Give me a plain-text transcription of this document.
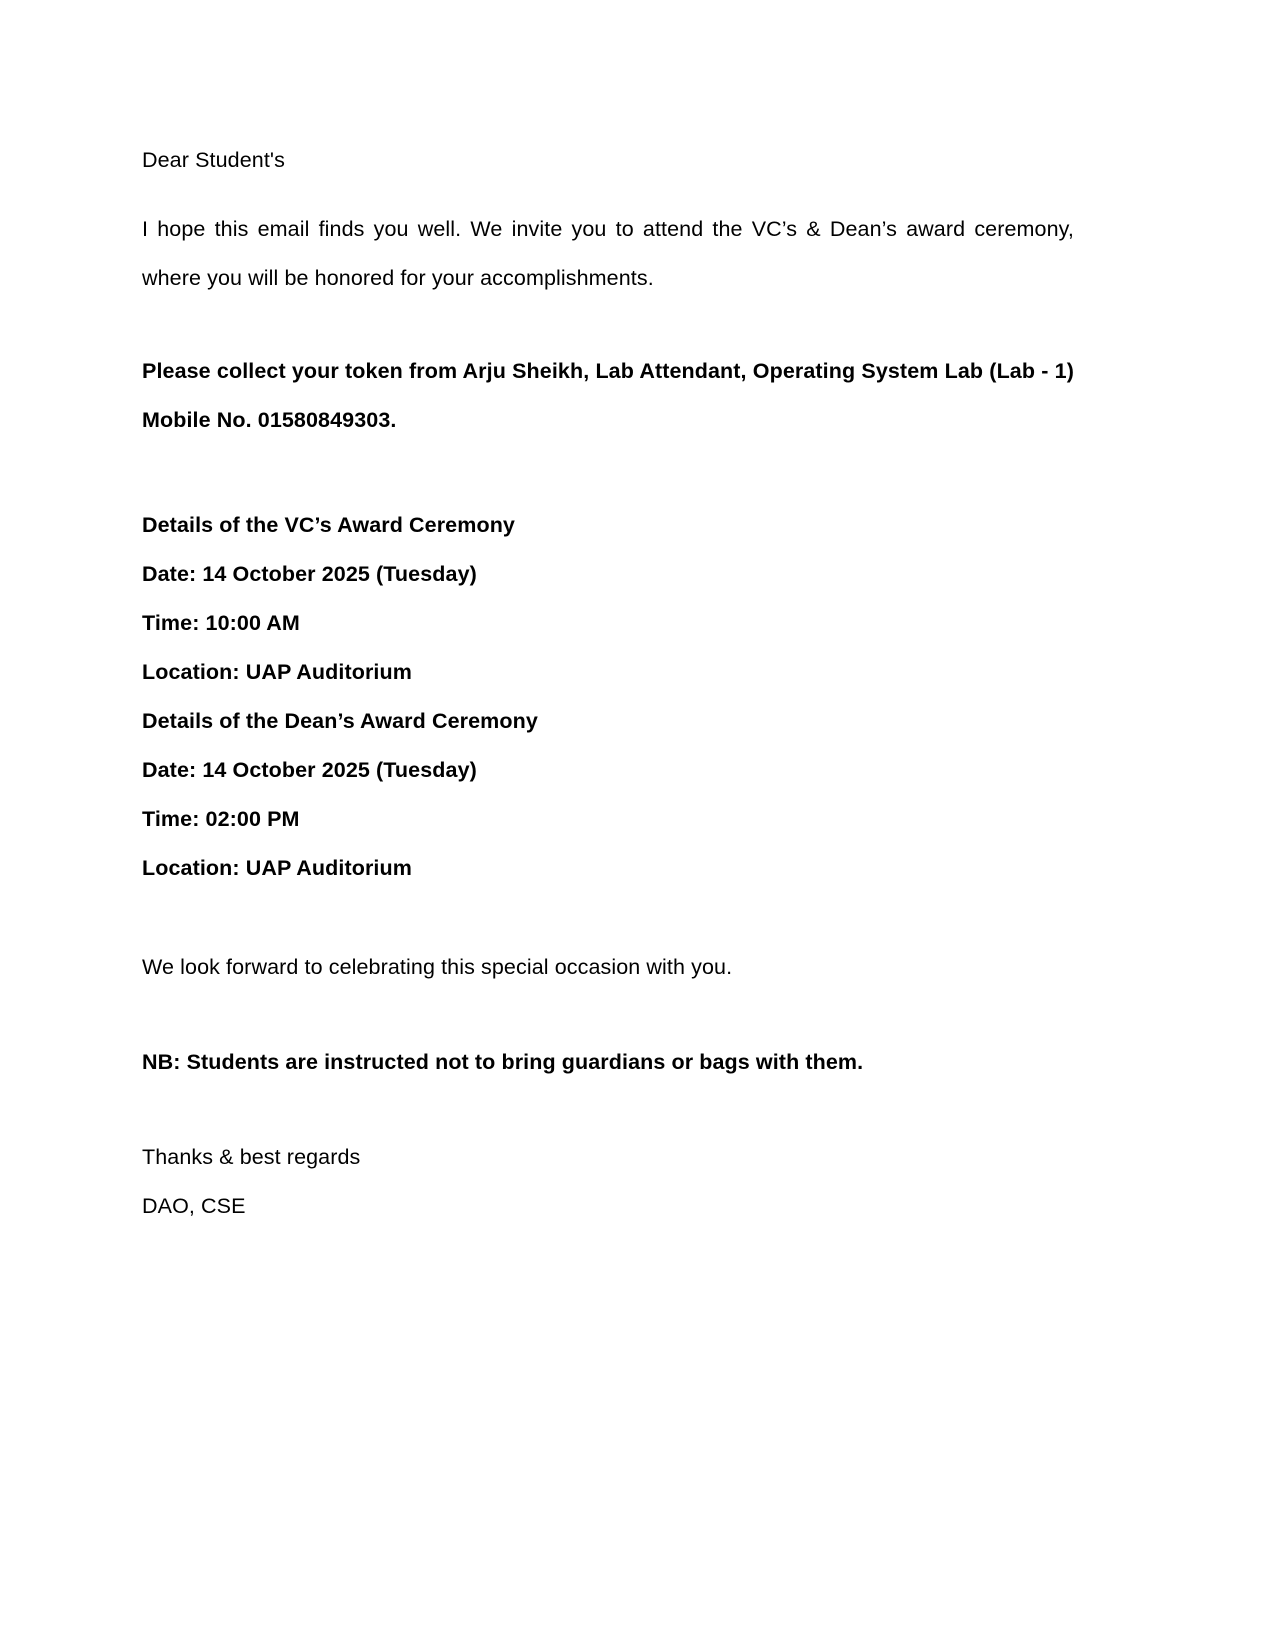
Dear Student's

I hope this email finds you well. We invite you to attend the VC’s & Dean’s award ceremony, where you will be honored for your accomplishments.

Please collect your token from Arju Sheikh, Lab Attendant, Operating System Lab (Lab - 1) Mobile No. 01580849303.

Details of the VC’s Award Ceremony

Date: 14 October 2025 (Tuesday)

Time: 10:00 AM

Location: UAP Auditorium

Details of the Dean’s Award Ceremony

Date: 14 October 2025 (Tuesday)

Time: 02:00 PM

Location: UAP Auditorium

We look forward to celebrating this special occasion with you.

NB: Students are instructed not to bring guardians or bags with them.

Thanks & best regards

DAO, CSE
